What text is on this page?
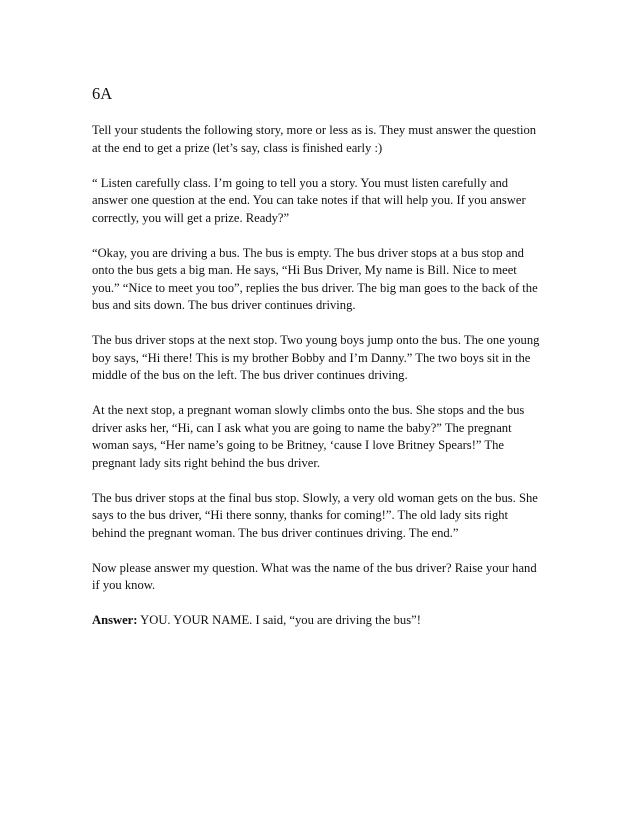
6A

Tell your students the following story, more or less as is. They must answer the question at the end to get a prize (let’s say, class is finished early :)

“ Listen carefully class. I’m going to tell you a story. You must listen carefully and answer one question at the end. You can take notes if that will help you. If you answer correctly, you will get a prize. Ready?”

“Okay, you are driving a bus. The bus is empty. The bus driver stops at a bus stop and onto the bus gets a big man. He says, “Hi Bus Driver, My name is Bill. Nice to meet you.” “Nice to meet you too”, replies the bus driver. The big man goes to the back of the bus and sits down. The bus driver continues driving.

The bus driver stops at the next stop. Two young boys jump onto the bus. The one young boy says, “Hi there! This is my brother Bobby and I’m Danny.” The two boys sit in the middle of the bus on the left. The bus driver continues driving.

At the next stop, a pregnant woman slowly climbs onto the bus. She stops and the bus driver asks her, “Hi, can I ask what you are going to name the baby?” The pregnant woman says, “Her name’s going to be Britney, ‘cause I love Britney Spears!” The pregnant lady sits right behind the bus driver.

The bus driver stops at the final bus stop. Slowly, a very old woman gets on the bus. She says to the bus driver, “Hi there sonny, thanks for coming!”. The old lady sits right behind the pregnant woman. The bus driver continues driving. The end.”

Now please answer my question. What was the name of the bus driver? Raise your hand if you know.

Answer: YOU. YOUR NAME. I said, “you are driving the bus”!
